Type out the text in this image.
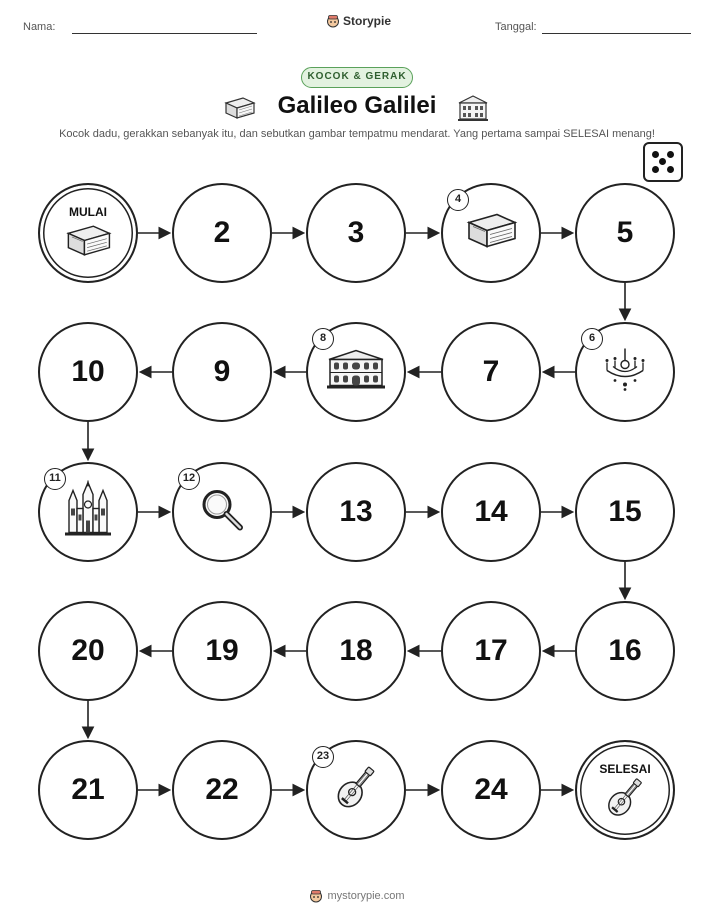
Nama:	Storypie	Tanggal:
KOCOK & GERAK
Galileo Galilei
Kocok dadu, gerakkan sebanyak itu, dan sebutkan gambar tempatmu mendarat. Yang pertama sampai SELESAI menang!
MULAI
2	3
4
5
6
7
8
9
10
11	12
13	14	15
16
17
18
19
20
21	22
23
24
SELESAI
mystorypie.com
